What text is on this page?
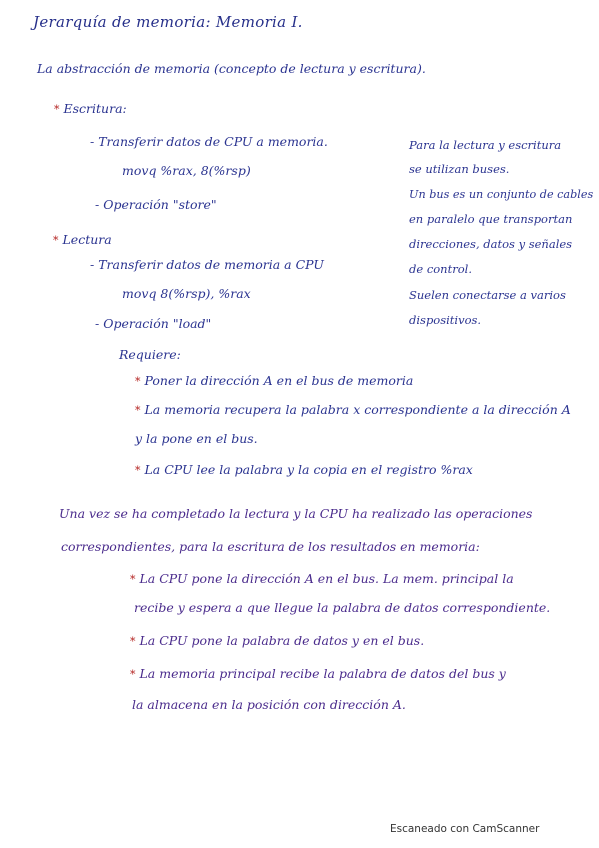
Jerarquía de memoria: Memoria I.
La abstracción de memoria (concepto de lectura y escritura).
* Escritura:
- Transferir datos de CPU a memoria.
movq %rax, 8(%rsp)
- Operación "store"
* Lectura
- Transferir datos de memoria a CPU
movq 8(%rsp), %rax
- Operación "load"
Para la lectura y escritura
se utilizan buses.
Un bus es un conjunto de cables
en paralelo que transportan
direcciones, datos y señales
de control.
Suelen conectarse a varios
dispositivos.
Requiere:
* Poner la dirección A en el bus de memoria
* La memoria recupera la palabra x correspondiente a la dirección A
y la pone en el bus.
* La CPU lee la palabra y la copia en el registro %rax
Una vez se ha completado la lectura y la CPU ha realizado las operaciones
correspondientes, para la escritura de los resultados en memoria:
* La CPU pone la dirección A en el bus. La mem. principal la
recibe y espera a que llegue la palabra de datos correspondiente.
* La CPU pone la palabra de datos y en el bus.
* La memoria principal recibe la palabra de datos del bus y
la almacena en la posición con dirección A.
Escaneado con CamScanner
